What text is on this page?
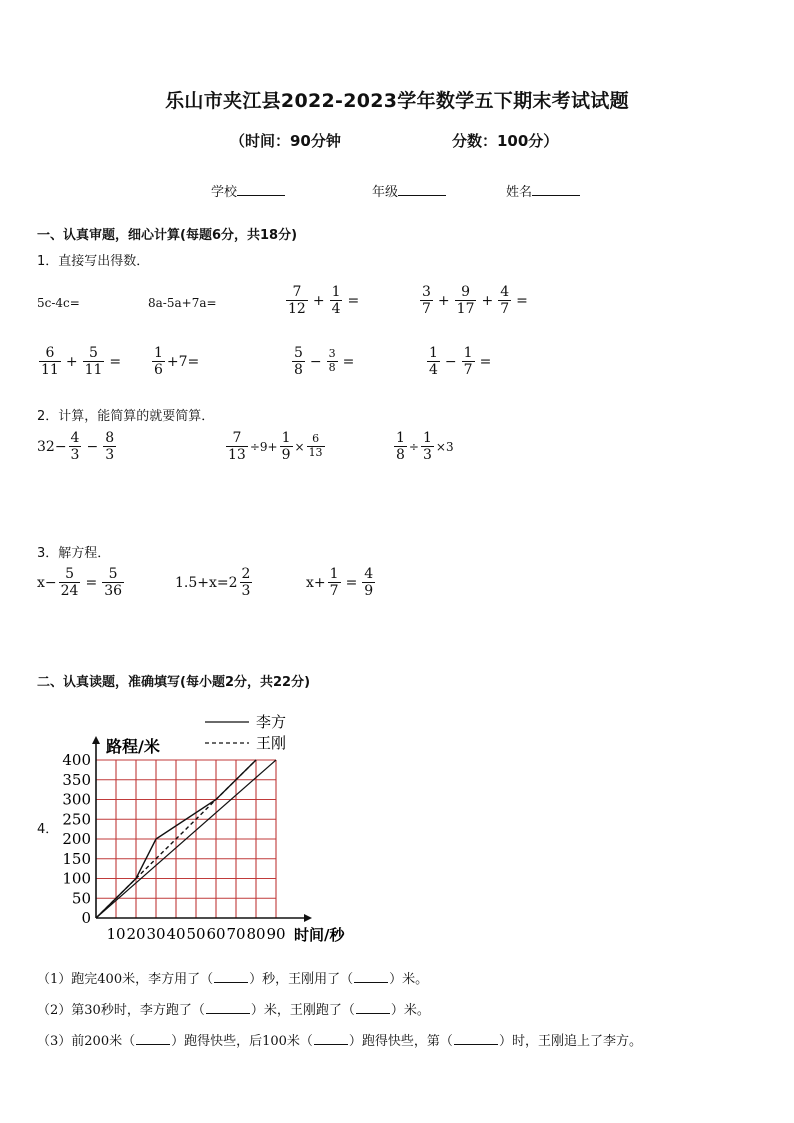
乐山市夹江县2022-2023学年数学五下期末考试试题
（时间：90分钟	分数：100分）
学校	年级	姓名
一、认真审题，细心计算(每题6分，共18分)
1．直接写出得数．
5c-4c=	8a-5a+7a=	$\frac{7}{12} + \frac{1}{4}$ =	$\frac{3}{7} + \frac{9}{17} + \frac{4}{7}$ =
$\frac{6}{11} + \frac{5}{11} = \frac{1}{6} +7=$	$\frac{5}{8} - \frac{3}{8}$ =	$\frac{1}{4} - \frac{1}{7}$ =
2．计算，能简算的就要简算．
$32- \frac{4}{3} - \frac{8}{3}$	$\frac{7}{13} \div 9+ \frac{1}{9} \times \frac{6}{13}$	$\frac{1}{8} \div \frac{1}{3} \times 3$
3．解方程．
$x- \frac{5}{24} = \frac{5}{36}$	$1.5+x=2 \frac{2}{3}$	$x+ \frac{1}{7} = \frac{4}{9}$
二、认真读题，准确填写(每小题2分，共22分)
4．
0
50
100
150
200
250
300
350
400
10 20 30 40 50 60 70 80 90
李方
王刚
路程/米
时间/秒
（1）跑完400米，李方用了（	）秒，王刚用了（	）米。
（2）第30秒时，李方跑了（	）米，王刚跑了（	）米。
（3）前200米（	）跑得快些，后100米（	）跑得快些，第（	）时，王刚追上了李方。
